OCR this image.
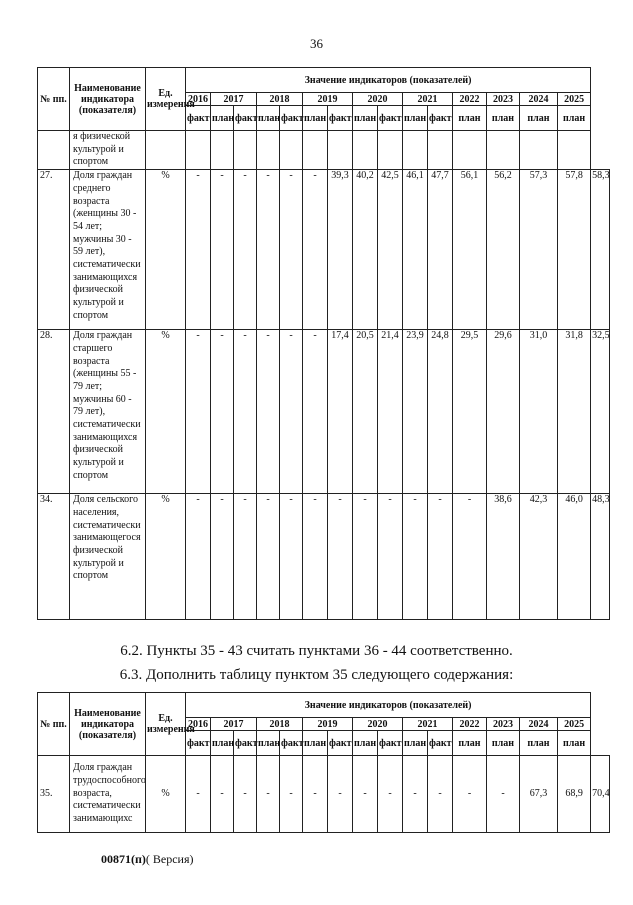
36
№ пп.	Наименование индикатора (показателя)	Ед. измерения	Значение индикаторов (показателей)															
			2016	2017		2018		2019		2020		2021		2022	2023	2024	2025	
			факт	план	факт	план	факт	план	факт	план	факт	план	факт	план	план	план	план	
	я физической культурой и спортом																	
27.	Доля граждан среднего возраста (женщины 30 - 54 лет; мужчины 30 - 59 лет), систематически занимающихся физической культурой и спортом	%	-	-	-	-	-	-	39,3	40,2	42,5	46,1	47,7	56,1	56,2	57,3	57,8	58,3
28.	Доля граждан старшего возраста (женщины 55 - 79 лет; мужчины 60 - 79 лет), систематически занимающихся физической культурой и спортом	%	-	-	-	-	-	-	17,4	20,5	21,4	23,9	24,8	29,5	29,6	31,0	31,8	32,5
34.	Доля сельского населения, систематически занимающегося физической культурой и спортом	%	-	-	-	-	-	-	-	-	-	-	-	-	38,6	42,3	46,0	48,3
6.2. Пункты 35 - 43 считать пунктами 36 - 44 соответственно.
6.3. Дополнить таблицу пунктом 35 следующего содержания:
№ пп.	Наименование индикатора (показателя)	Ед. измерения	Значение индикаторов (показателей)															
			2016	2017		2018		2019		2020		2021		2022	2023	2024	2025	
			факт	план	факт	план	факт	план	факт	план	факт	план	факт	план	план	план	план	
35.	Доля граждан трудоспособного возраста, систематически занимающихс	%	-	-	-	-	-	-	-	-	-	-	-	-	-	67,3	68,9	70,4
00871(п)( Версия)
